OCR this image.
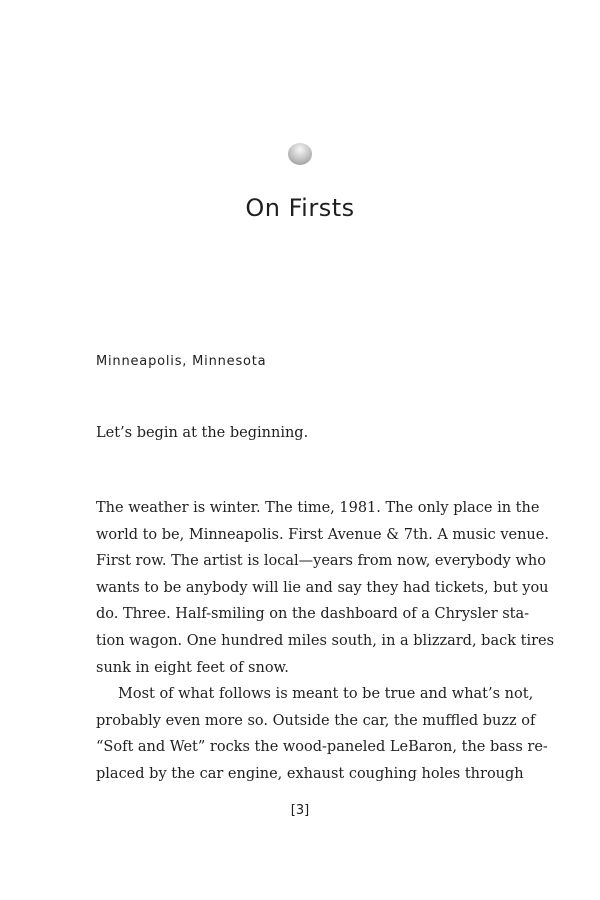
On Firsts
Minneapolis, Minnesota

Let’s begin at the beginning.

The weather is winter. The time, 1981. The only place in the
world to be, Minneapolis. First Avenue & 7th. A music venue.
First row. The artist is local—years from now, everybody who
wants to be anybody will lie and say they had tickets, but you
do. Three. Half-smiling on the dashboard of a Chrysler sta-
tion wagon. One hundred miles south, in a blizzard, back tires
sunk in eight feet of snow.

Most of what follows is meant to be true and what’s not,
probably even more so. Outside the car, the muffled buzz of
“Soft and Wet” rocks the wood-paneled LeBaron, the bass re-
placed by the car engine, exhaust coughing holes through

[3]
